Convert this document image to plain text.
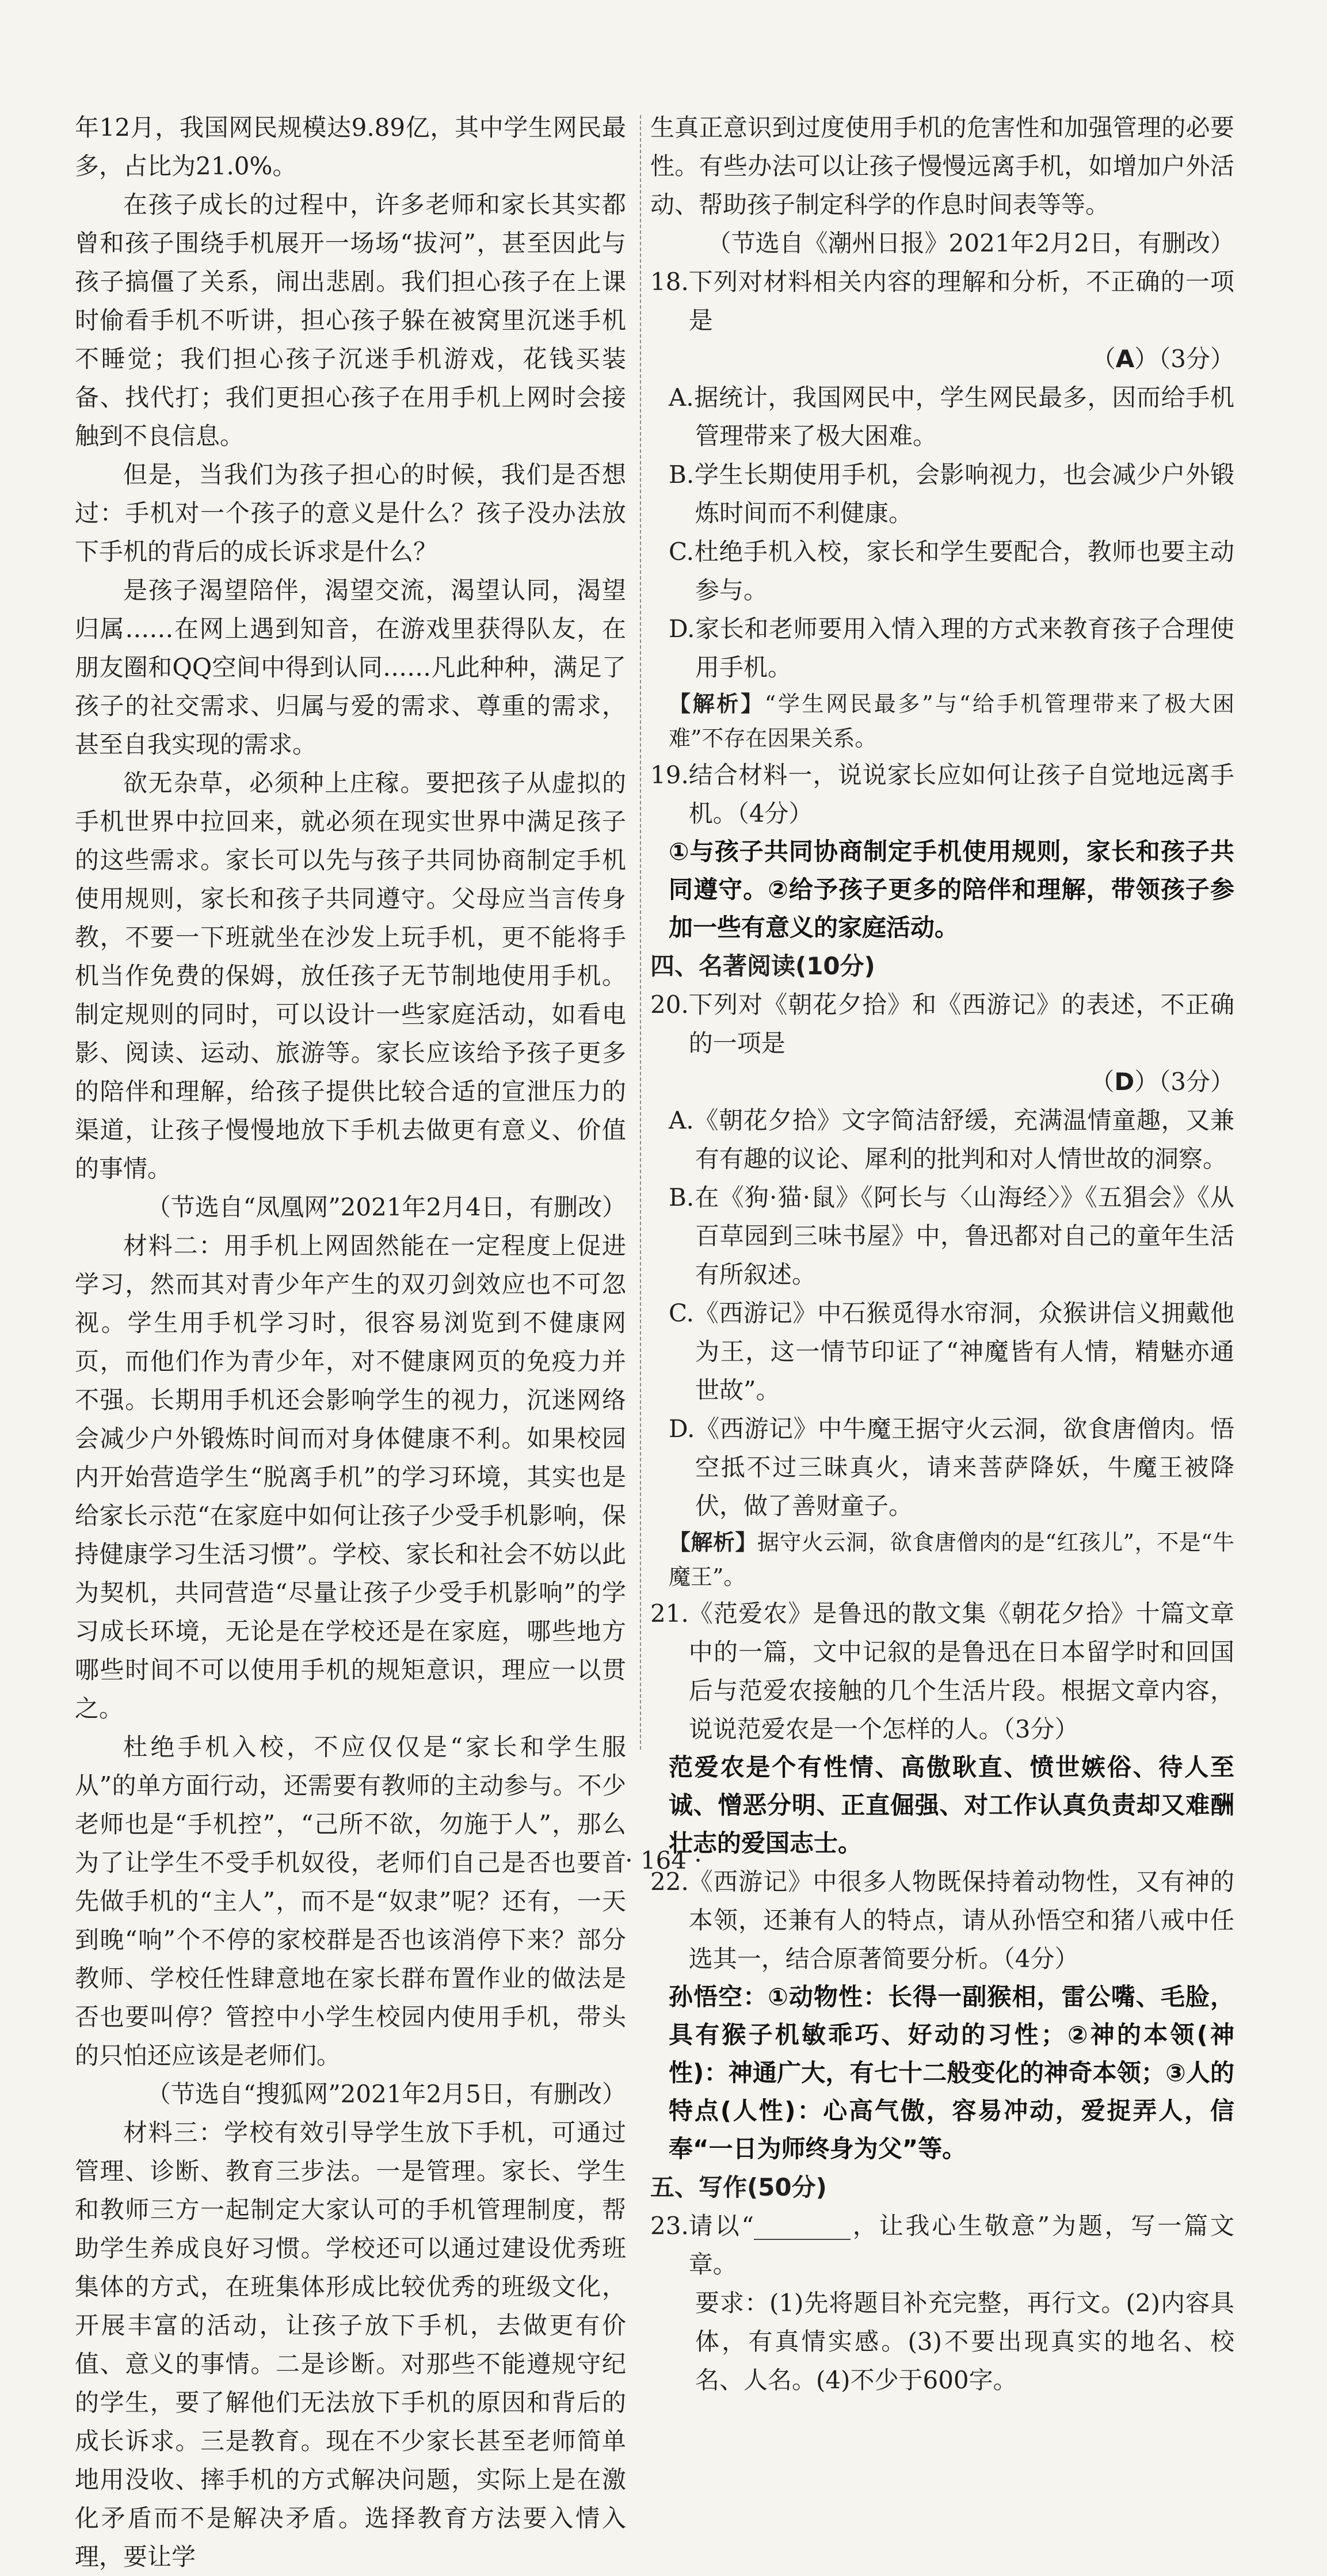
年12月，我国网民规模达9.89亿，其中学生网民最多，占比为21.0%。

在孩子成长的过程中，许多老师和家长其实都曾和孩子围绕手机展开一场场“拔河”，甚至因此与孩子搞僵了关系，闹出悲剧。我们担心孩子在上课时偷看手机不听讲，担心孩子躲在被窝里沉迷手机不睡觉；我们担心孩子沉迷手机游戏，花钱买装备、找代打；我们更担心孩子在用手机上网时会接触到不良信息。

但是，当我们为孩子担心的时候，我们是否想过：手机对一个孩子的意义是什么？孩子没办法放下手机的背后的成长诉求是什么？

是孩子渴望陪伴，渴望交流，渴望认同，渴望归属……在网上遇到知音，在游戏里获得队友，在朋友圈和QQ空间中得到认同……凡此种种，满足了孩子的社交需求、归属与爱的需求、尊重的需求，甚至自我实现的需求。

欲无杂草，必须种上庄稼。要把孩子从虚拟的手机世界中拉回来，就必须在现实世界中满足孩子的这些需求。家长可以先与孩子共同协商制定手机使用规则，家长和孩子共同遵守。父母应当言传身教，不要一下班就坐在沙发上玩手机，更不能将手机当作免费的保姆，放任孩子无节制地使用手机。制定规则的同时，可以设计一些家庭活动，如看电影、阅读、运动、旅游等。家长应该给予孩子更多的陪伴和理解，给孩子提供比较合适的宣泄压力的渠道，让孩子慢慢地放下手机去做更有意义、价值的事情。

（节选自“凤凰网”2021年2月4日，有删改）

材料二：用手机上网固然能在一定程度上促进学习，然而其对青少年产生的双刃剑效应也不可忽视。学生用手机学习时，很容易浏览到不健康网页，而他们作为青少年，对不健康网页的免疫力并不强。长期用手机还会影响学生的视力，沉迷网络会减少户外锻炼时间而对身体健康不利。如果校园内开始营造学生“脱离手机”的学习环境，其实也是给家长示范“在家庭中如何让孩子少受手机影响，保持健康学习生活习惯”。学校、家长和社会不妨以此为契机，共同营造“尽量让孩子少受手机影响”的学习成长环境，无论是在学校还是在家庭，哪些地方哪些时间不可以使用手机的规矩意识，理应一以贯之。

杜绝手机入校，不应仅仅是“家长和学生服从”的单方面行动，还需要有教师的主动参与。不少老师也是“手机控”，“己所不欲，勿施于人”，那么为了让学生不受手机奴役，老师们自己是否也要首先做手机的“主人”，而不是“奴隶”呢？还有，一天到晚“响”个不停的家校群是否也该消停下来？部分教师、学校任性肆意地在家长群布置作业的做法是否也要叫停？管控中小学生校园内使用手机，带头的只怕还应该是老师们。

（节选自“搜狐网”2021年2月5日，有删改）

材料三：学校有效引导学生放下手机，可通过管理、诊断、教育三步法。一是管理。家长、学生和教师三方一起制定大家认可的手机管理制度，帮助学生养成良好习惯。学校还可以通过建设优秀班集体的方式，在班集体形成比较优秀的班级文化，开展丰富的活动，让孩子放下手机，去做更有价值、意义的事情。二是诊断。对那些不能遵规守纪的学生，要了解他们无法放下手机的原因和背后的成长诉求。三是教育。现在不少家长甚至老师简单地用没收、摔手机的方式解决问题，实际上是在激化矛盾而不是解决矛盾。选择教育方法要入情入理，要让学

生真正意识到过度使用手机的危害性和加强管理的必要性。有些办法可以让孩子慢慢远离手机，如增加户外活动、帮助孩子制定科学的作息时间表等等。

（节选自《潮州日报》2021年2月2日，有删改）

18. 下列对材料相关内容的理解和分析，不正确的一项是
（A）（3分）

A.据统计，我国网民中，学生网民最多，因而给手机管理带来了极大困难。

B.学生长期使用手机，会影响视力，也会减少户外锻炼时间而不利健康。

C.杜绝手机入校，家长和学生要配合，教师也要主动参与。

D.家长和老师要用入情入理的方式来教育孩子合理使用手机。

【解析】“学生网民最多”与“给手机管理带来了极大困难”不存在因果关系。

19. 结合材料一，说说家长应如何让孩子自觉地远离手机。（4分）

①与孩子共同协商制定手机使用规则，家长和孩子共同遵守。②给予孩子更多的陪伴和理解，带领孩子参加一些有意义的家庭活动。

四、名著阅读(10分)

20. 下列对《朝花夕拾》和《西游记》的表述，不正确的一项是
（D）（3分）

A.《朝花夕拾》文字简洁舒缓，充满温情童趣，又兼有有趣的议论、犀利的批判和对人情世故的洞察。

B.在《狗·猫·鼠》《阿长与〈山海经〉》《五猖会》《从百草园到三味书屋》中，鲁迅都对自己的童年生活有所叙述。

C.《西游记》中石猴觅得水帘洞，众猴讲信义拥戴他为王，这一情节印证了“神魔皆有人情，精魅亦通世故”。

D.《西游记》中牛魔王据守火云洞，欲食唐僧肉。悟空抵不过三昧真火，请来菩萨降妖，牛魔王被降伏，做了善财童子。

【解析】据守火云洞，欲食唐僧肉的是“红孩儿”，不是“牛魔王”。

21. 《范爱农》是鲁迅的散文集《朝花夕拾》十篇文章中的一篇，文中记叙的是鲁迅在日本留学时和回国后与范爱农接触的几个生活片段。根据文章内容，说说范爱农是一个怎样的人。（3分）

范爱农是个有性情、高傲耿直、愤世嫉俗、待人至诚、憎恶分明、正直倔强、对工作认真负责却又难酬壮志的爱国志士。

22. 《西游记》中很多人物既保持着动物性，又有神的本领，还兼有人的特点，请从孙悟空和猪八戒中任选其一，结合原著简要分析。（4分）

孙悟空：①动物性：长得一副猴相，雷公嘴、毛脸，具有猴子机敏乖巧、好动的习性；②神的本领(神性)：神通广大，有七十二般变化的神奇本领；③人的特点(人性)：心高气傲，容易冲动，爱捉弄人，信奉“一日为师终身为父”等。

五、写作(50分)

23. 请以“________，让我心生敬意”为题，写一篇文章。

要求：(1)先将题目补充完整，再行文。(2)内容具体，有真情实感。(3)不要出现真实的地名、校名、人名。(4)不少于600字。

· 164 ·
